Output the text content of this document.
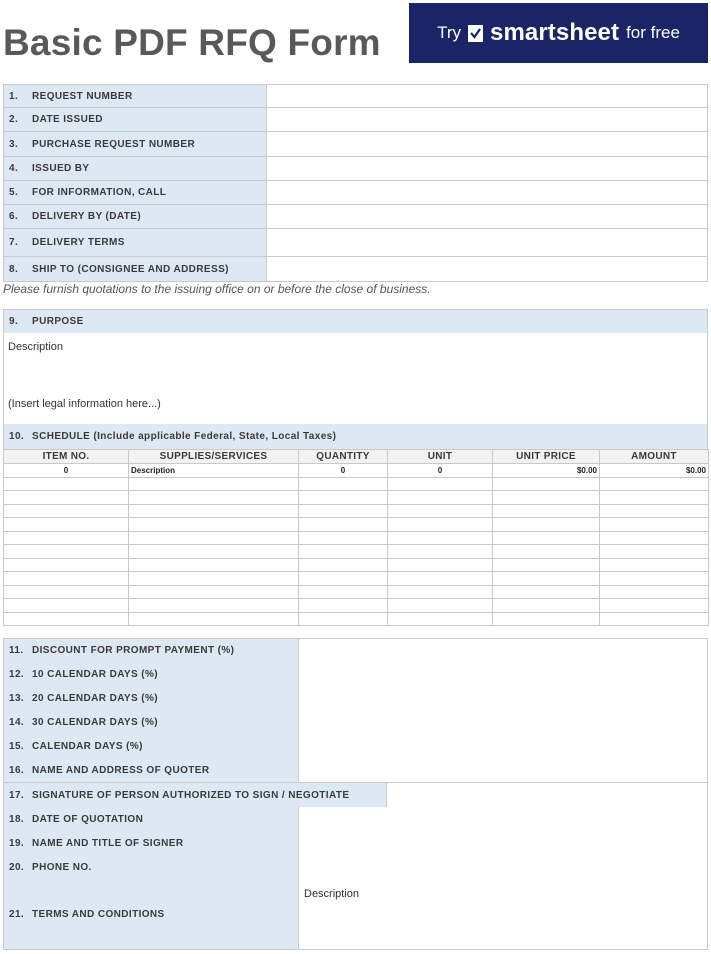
Basic PDF RFQ Form	Try smartsheet for free
1.	REQUEST NUMBER
2.	DATE ISSUED
3.	PURCHASE REQUEST NUMBER
4.	ISSUED BY
5.	FOR INFORMATION, CALL
6.	DELIVERY BY (DATE)
7.	DELIVERY TERMS
8.	SHIP TO (CONSIGNEE AND ADDRESS)
Please furnish quotations to the issuing office on or before the close of business.
9.	PURPOSE
Description
(Insert legal information here...)
10. SCHEDULE (Include applicable Federal, State, Local Taxes)
ITEM NO.	SUPPLIES/SERVICES	QUANTITY	UNIT	UNIT PRICE	AMOUNT
0	Description	0	0	$0.00	$0.00

11. DISCOUNT FOR PROMPT PAYMENT (%)
12. 10 CALENDAR DAYS (%)
13. 20 CALENDAR DAYS (%)
14. 30 CALENDAR DAYS (%)
15. CALENDAR DAYS (%)
16. NAME AND ADDRESS OF QUOTER
17. SIGNATURE OF PERSON AUTHORIZED TO SIGN / NEGOTIATE
18. DATE OF QUOTATION
19. NAME AND TITLE OF SIGNER
20. PHONE NO.
21. TERMS AND CONDITIONS
Description
